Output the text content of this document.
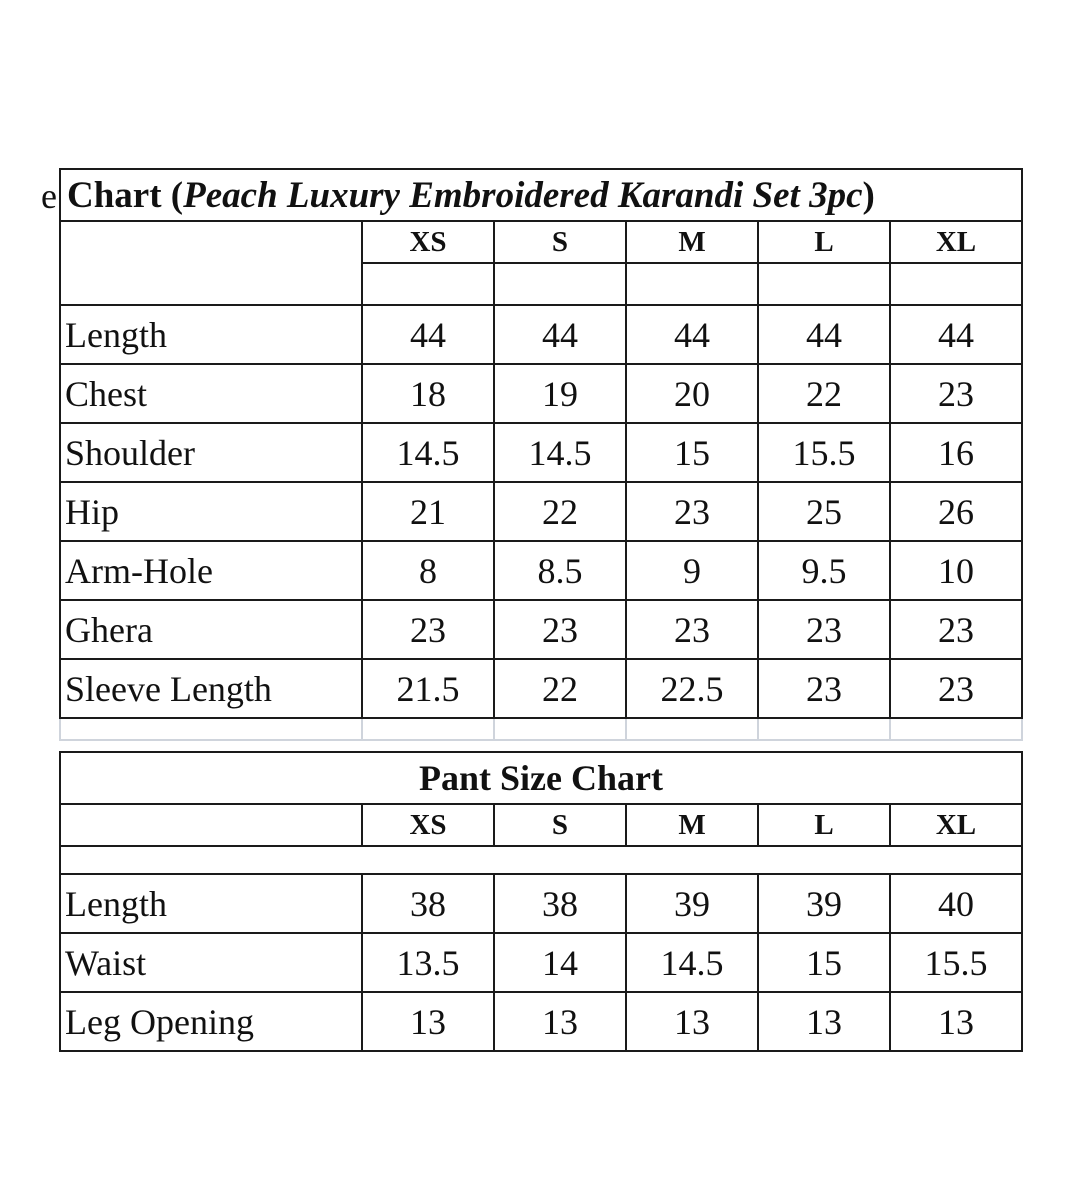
e Chart (Peach Luxury Embroidered Karandi Set 3pc)					
	XS	S	M	L	XL

Length	44	44	44	44	44
Chest	18	19	20	22	23
Shoulder	14.5	14.5	15	15.5	16
Hip	21	22	23	25	26
Arm-Hole	8	8.5	9	9.5	10
Ghera	23	23	23	23	23
Sleeve Length	21.5	22	22.5	23	23

Pant Size Chart					
	XS	S	M	L	XL

Length	38	38	39	39	40
Waist	13.5	14	14.5	15	15.5
Leg Opening	13	13	13	13	13
